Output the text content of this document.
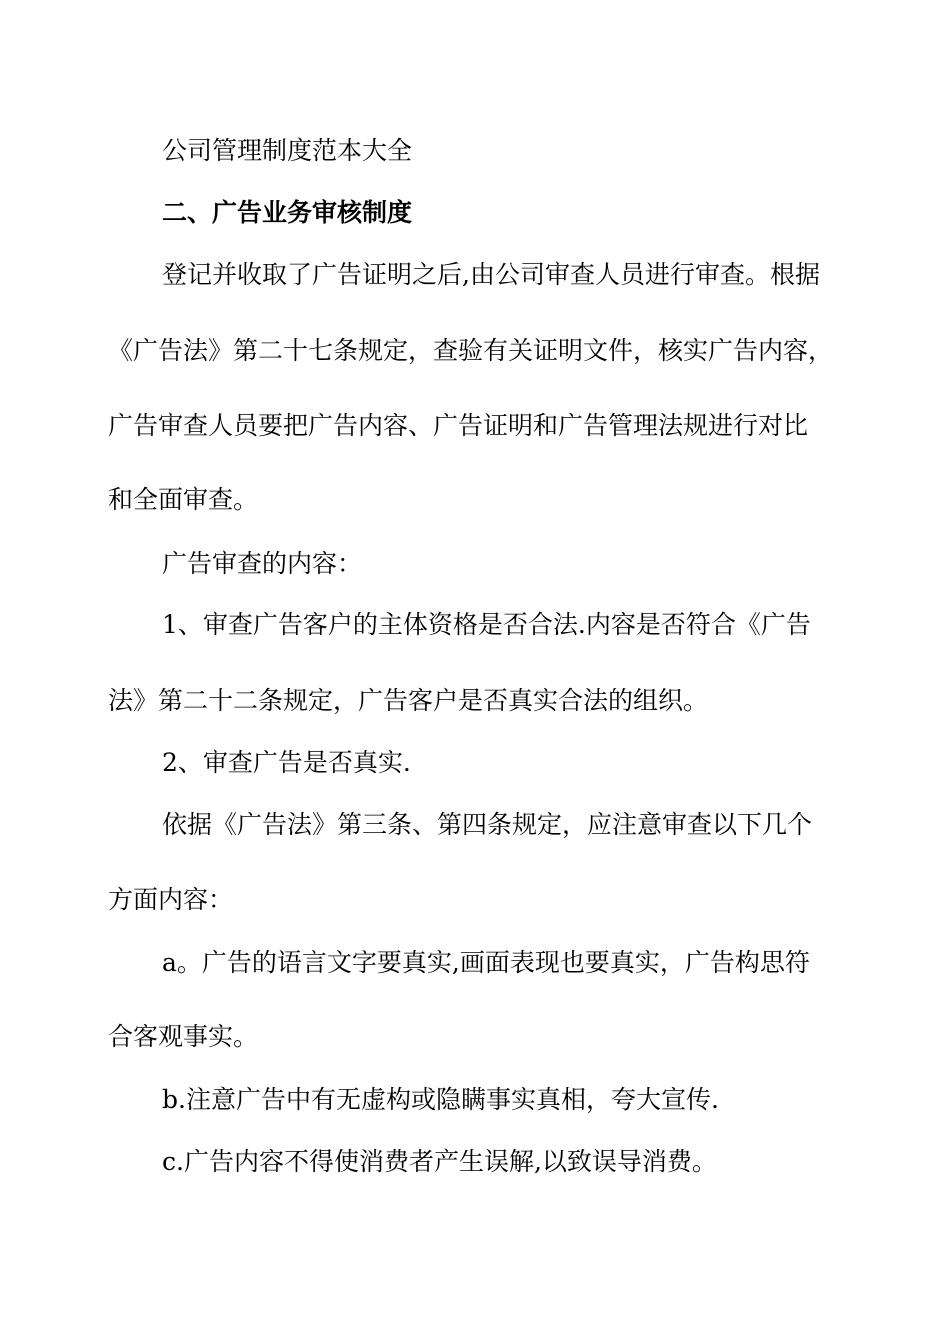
公司管理制度范本大全
二、广告业务审核制度
登记并收取了广告证明之后,由公司审查人员进行审查。根据
《广告法》第二十七条规定，查验有关证明文件，核实广告内容，
广告审查人员要把广告内容、广告证明和广告管理法规进行对比
和全面审查。
广告审查的内容：
1、审查广告客户的主体资格是否合法.内容是否符合《广告
法》第二十二条规定，广告客户是否真实合法的组织。
2、审查广告是否真实.
依据《广告法》第三条、第四条规定，应注意审查以下几个
方面内容：
a。广告的语言文字要真实,画面表现也要真实，广告构思符
合客观事实。
b.注意广告中有无虚构或隐瞒事实真相，夸大宣传.
c.广告内容不得使消费者产生误解,以致误导消费。
